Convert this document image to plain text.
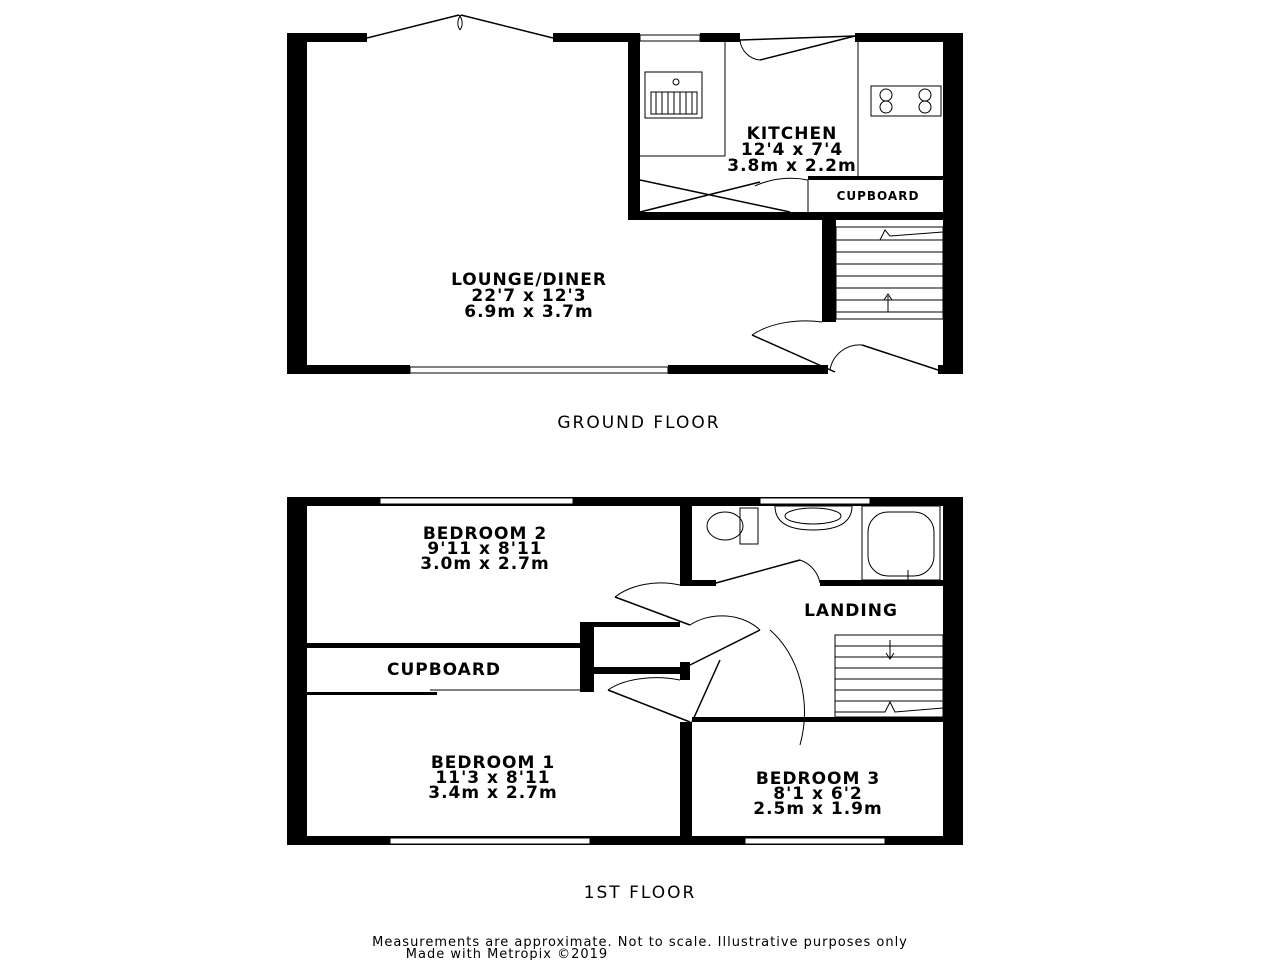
KITCHEN
12'4 x 7'4
3.8m x 2.2m
CUPBOARD
LOUNGE/DINER
22'7 x 12'3
6.9m x 3.7m
GROUND FLOOR
BEDROOM 2
9'11 x 8'11
3.0m x 2.7m
CUPBOARD
LANDING
BEDROOM 1
11'3 x 8'11
3.4m x 2.7m
BEDROOM 3
8'1 x 6'2
2.5m x 1.9m
1ST FLOOR
Measurements are approximate. Not to scale. Illustrative purposes only
Made with Metropix ©2019
